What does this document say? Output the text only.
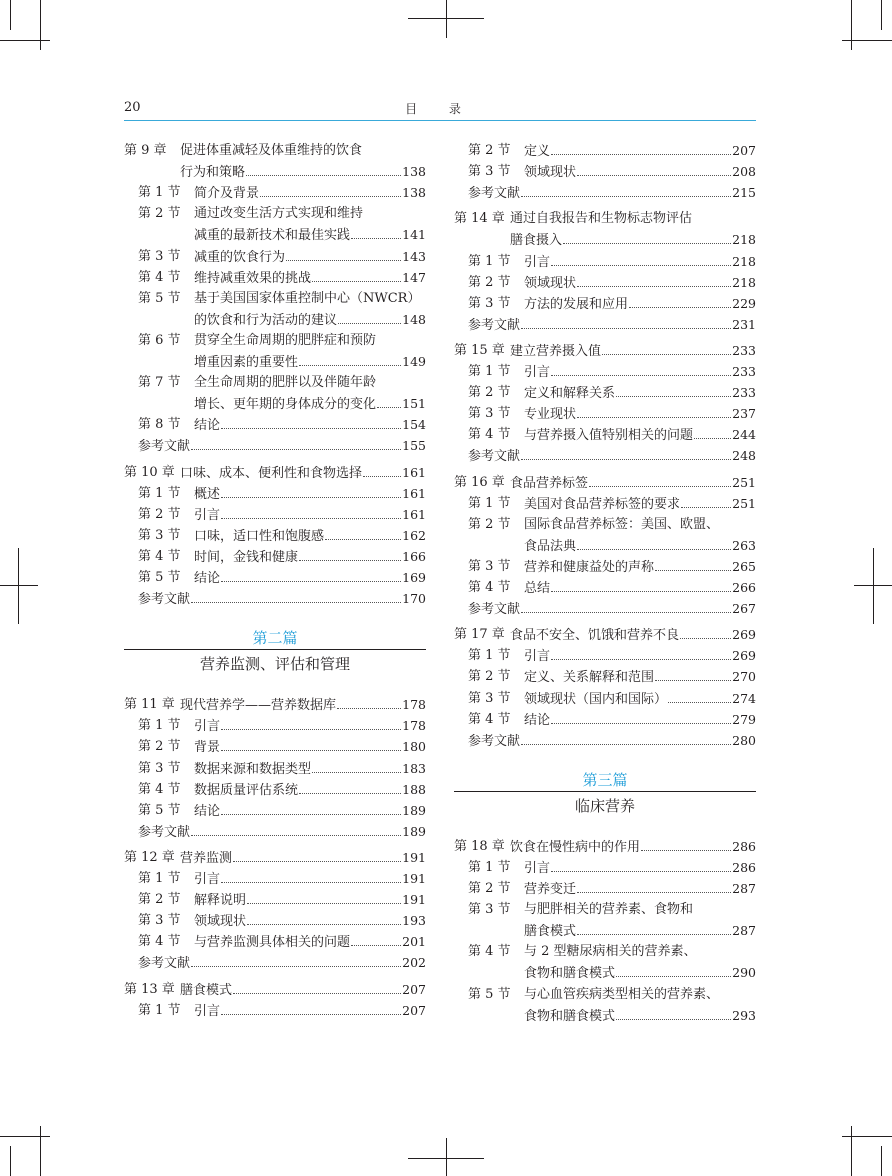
20	目 录
第 9 章 促进体重减轻及体重维持的饮食
行为和策略	138
第 1 节 简介及背景	138
第 2 节 通过改变生活方式实现和维持
减重的最新技术和最佳实践	141
第 3 节 减重的饮食行为	143
第 4 节 维持减重效果的挑战	147
第 5 节 基于美国国家体重控制中心（NWCR）
的饮食和行为活动的建议	148
第 6 节 贯穿全生命周期的肥胖症和预防
增重因素的重要性	149
第 7 节 全生命周期的肥胖以及伴随年龄
增长、更年期的身体成分的变化 151
第 8 节 结论	154
参考文献	155
第 10 章 口味、成本、便利性和食物选择	161
第 1 节 概述	161
第 2 节 引言	161
第 3 节 口味，适口性和饱腹感	162
第 4 节 时间，金钱和健康	166
第 5 节 结论	169
参考文献	170
第二篇
营养监测、评估和管理
第 11 章 现代营养学——营养数据库	178
第 1 节 引言	178
第 2 节 背景	180
第 3 节 数据来源和数据类型	183
第 4 节 数据质量评估系统	188
第 5 节 结论	189
参考文献	189
第 12 章 营养监测	191
第 1 节 引言	191
第 2 节 解释说明	191
第 3 节 领域现状	193
第 4 节 与营养监测具体相关的问题	201
参考文献	202
第 13 章 膳食模式	207
第 1 节 引言	207
第 2 节 定义	207
第 3 节 领域现状	208
参考文献	215
第 14 章 通过自我报告和生物标志物评估
膳食摄入	218
第 1 节 引言	218
第 2 节 领域现状	218
第 3 节 方法的发展和应用	229
参考文献	231
第 15 章 建立营养摄入值	233
第 1 节 引言	233
第 2 节 定义和解释关系	233
第 3 节 专业现状	237
第 4 节 与营养摄入值特别相关的问题	244
参考文献	248
第 16 章 食品营养标签	251
第 1 节 美国对食品营养标签的要求	251
第 2 节 国际食品营养标签：美国、欧盟、
食品法典	263
第 3 节 营养和健康益处的声称	265
第 4 节 总结	266
参考文献	267
第 17 章 食品不安全、饥饿和营养不良	269
第 1 节 引言	269
第 2 节 定义、关系解释和范围	270
第 3 节 领域现状（国内和国际）	274
第 4 节 结论	279
参考文献	280
第三篇
临床营养
第 18 章 饮食在慢性病中的作用	286
第 1 节 引言	286
第 2 节 营养变迁	287
第 3 节 与肥胖相关的营养素、食物和
膳食模式	287
第 4 节 与 2 型糖尿病相关的营养素、
食物和膳食模式	290
第 5 节 与心血管疾病类型相关的营养素、
食物和膳食模式	293
